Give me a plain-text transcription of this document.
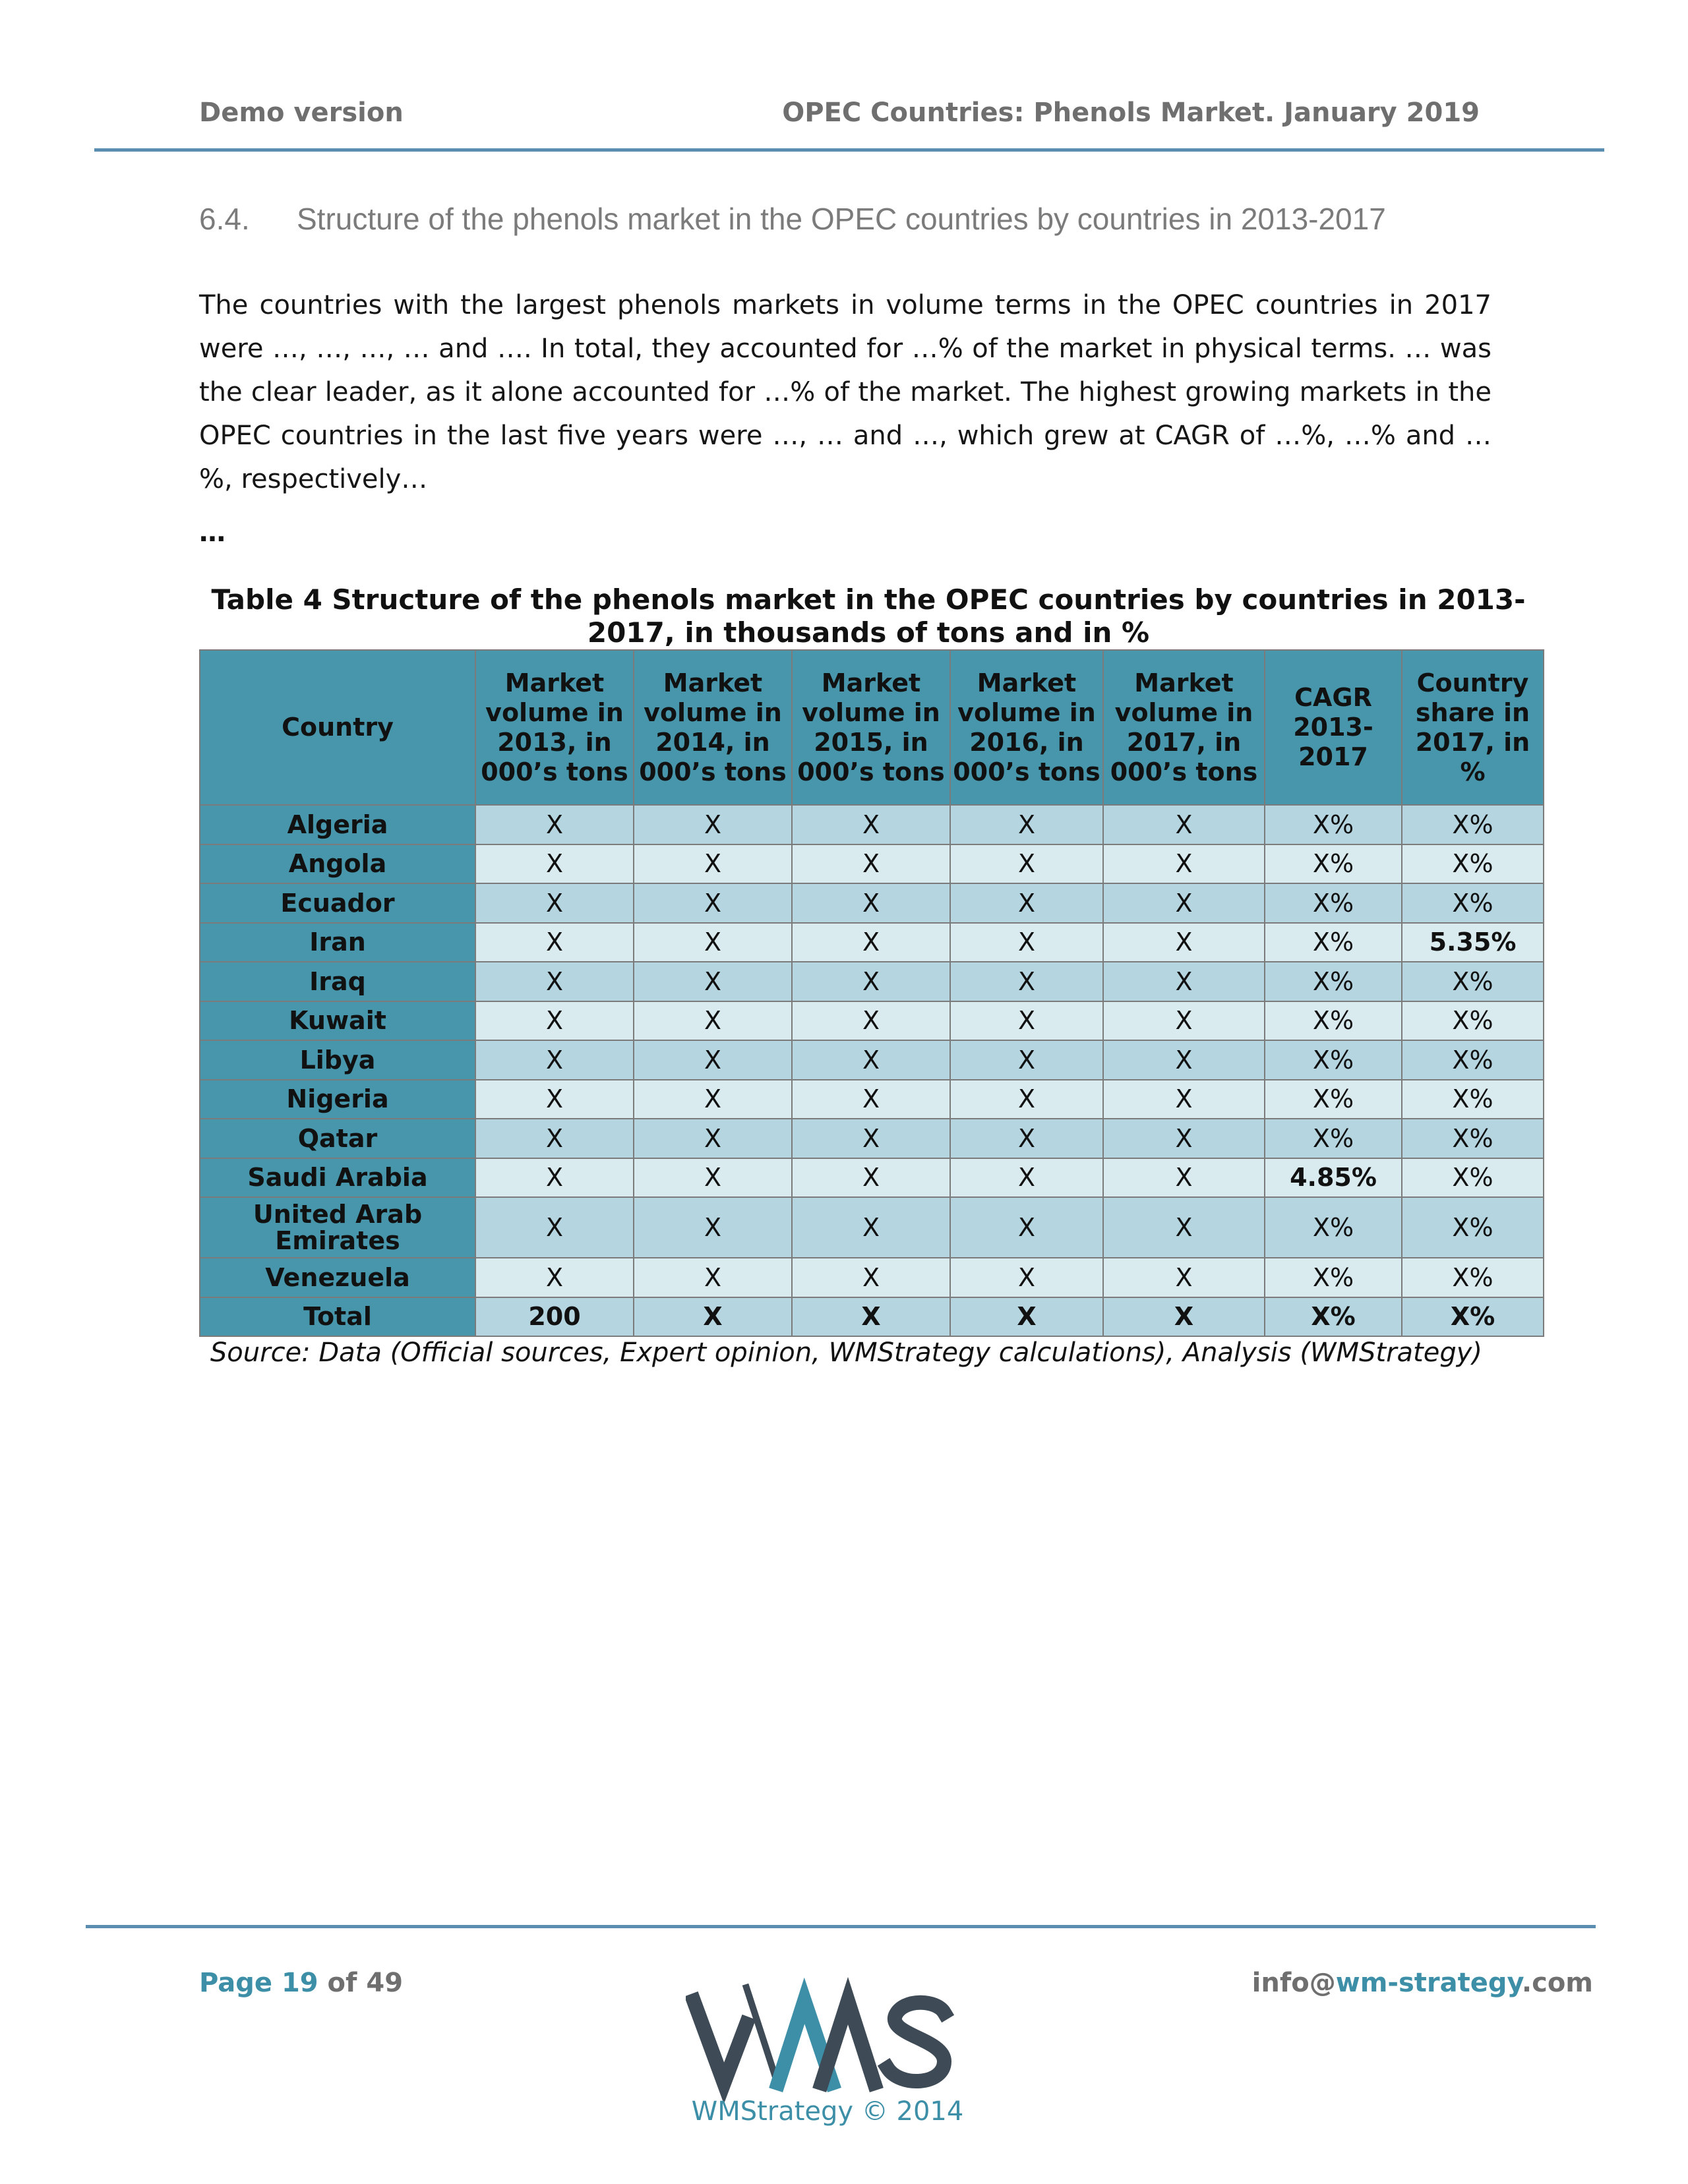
Demo version	OPEC Countries: Phenols Market. January 2019
6.4. Structure of the phenols market in the OPEC countries by countries in 2013-2017
The countries with the largest phenols markets in volume terms in the OPEC countries in 2017 were …, …, …, … and …. In total, they accounted for …% of the market in physical terms. … was the clear leader, as it alone accounted for …% of the market. The highest growing markets in the OPEC countries in the last five years were …, … and …, which grew at CAGR of …%, …% and …%, respectively…
…
Table 4 Structure of the phenols market in the OPEC countries by countries in 2013-2017, in thousands of tons and in %
Country	Market volume in 2013, in 000’s tons	Market volume in 2014, in 000’s tons	Market volume in 2015, in 000’s tons	Market volume in 2016, in 000’s tons	Market volume in 2017, in 000’s tons	CAGR 2013-2017	Country share in 2017, in %
Algeria	X	X	X	X	X	X%	X%
Angola	X	X	X	X	X	X%	X%
Ecuador	X	X	X	X	X	X%	X%
Iran	X	X	X	X	X	X%	5.35%
Iraq	X	X	X	X	X	X%	X%
Kuwait	X	X	X	X	X	X%	X%
Libya	X	X	X	X	X	X%	X%
Nigeria	X	X	X	X	X	X%	X%
Qatar	X	X	X	X	X	X%	X%
Saudi Arabia	X	X	X	X	X	4.85%	X%
United Arab Emirates	X	X	X	X	X	X%	X%
Venezuela	X	X	X	X	X	X%	X%
Total	200	X	X	X	X	X%	X%
Source: Data (Official sources, Expert opinion, WMStrategy calculations), Analysis (WMStrategy)
Page 19 of 49	info@wm-strategy.com
WMStrategy © 2014
